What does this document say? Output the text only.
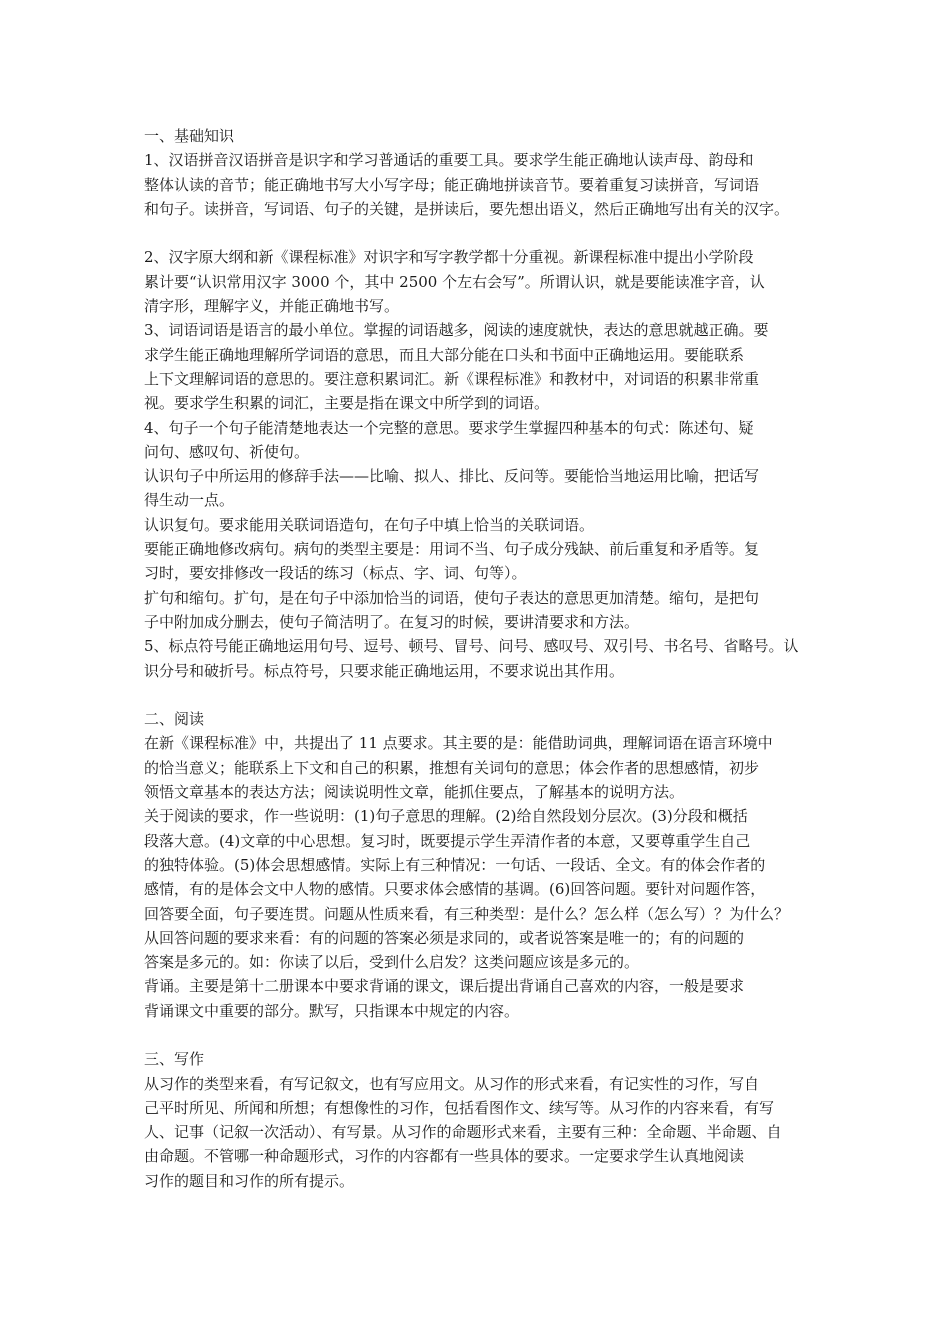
一、基础知识
1、汉语拼音汉语拼音是识字和学习普通话的重要工具。要求学生能正确地认读声母、韵母和
整体认读的音节；能正确地书写大小写字母；能正确地拼读音节。要着重复习读拼音，写词语
和句子。读拼音，写词语、句子的关键，是拼读后，要先想出语义，然后正确地写出有关的汉字。
2、汉字原大纲和新《课程标准》对识字和写字教学都十分重视。新课程标准中提出小学阶段
累计要“认识常用汉字 3000 个，其中 2500 个左右会写”。所谓认识，就是要能读准字音，认
清字形，理解字义，并能正确地书写。
3、词语词语是语言的最小单位。掌握的词语越多，阅读的速度就快，表达的意思就越正确。要
求学生能正确地理解所学词语的意思，而且大部分能在口头和书面中正确地运用。要能联系
上下文理解词语的意思的。要注意积累词汇。新《课程标准》和教材中，对词语的积累非常重
视。要求学生积累的词汇，主要是指在课文中所学到的词语。
4、句子一个句子能清楚地表达一个完整的意思。要求学生掌握四种基本的句式：陈述句、疑
问句、感叹句、祈使句。
认识句子中所运用的修辞手法——比喻、拟人、排比、反问等。要能恰当地运用比喻，把话写
得生动一点。
认识复句。要求能用关联词语造句，在句子中填上恰当的关联词语。
要能正确地修改病句。病句的类型主要是：用词不当、句子成分残缺、前后重复和矛盾等。复
习时，要安排修改一段话的练习（标点、字、词、句等）。
扩句和缩句。扩句，是在句子中添加恰当的词语，使句子表达的意思更加清楚。缩句，是把句
子中附加成分删去，使句子简洁明了。在复习的时候，要讲清要求和方法。
5、标点符号能正确地运用句号、逗号、顿号、冒号、问号、感叹号、双引号、书名号、省略号。认
识分号和破折号。标点符号，只要求能正确地运用，不要求说出其作用。
二、阅读
在新《课程标准》中，共提出了 11 点要求。其主要的是：能借助词典，理解词语在语言环境中
的恰当意义；能联系上下文和自己的积累，推想有关词句的意思；体会作者的思想感情，初步
领悟文章基本的表达方法；阅读说明性文章，能抓住要点，了解基本的说明方法。
关于阅读的要求，作一些说明：(1)句子意思的理解。(2)给自然段划分层次。(3)分段和概括
段落大意。(4)文章的中心思想。复习时，既要提示学生弄清作者的本意，又要尊重学生自己
的独特体验。(5)体会思想感情。实际上有三种情况：一句话、一段话、全文。有的体会作者的
感情，有的是体会文中人物的感情。只要求体会感情的基调。(6)回答问题。要针对问题作答，
回答要全面，句子要连贯。问题从性质来看，有三种类型：是什么？怎么样（怎么写）？为什么？
从回答问题的要求来看：有的问题的答案必须是求同的，或者说答案是唯一的；有的问题的
答案是多元的。如：你读了以后，受到什么启发？这类问题应该是多元的。
背诵。主要是第十二册课本中要求背诵的课文，课后提出背诵自己喜欢的内容，一般是要求
背诵课文中重要的部分。默写，只指课本中规定的内容。
三、写作
从习作的类型来看，有写记叙文，也有写应用文。从习作的形式来看，有记实性的习作，写自
己平时所见、所闻和所想；有想像性的习作，包括看图作文、续写等。从习作的内容来看，有写
人、记事（记叙一次活动）、有写景。从习作的命题形式来看，主要有三种：全命题、半命题、自
由命题。不管哪一种命题形式，习作的内容都有一些具体的要求。一定要求学生认真地阅读
习作的题目和习作的所有提示。
